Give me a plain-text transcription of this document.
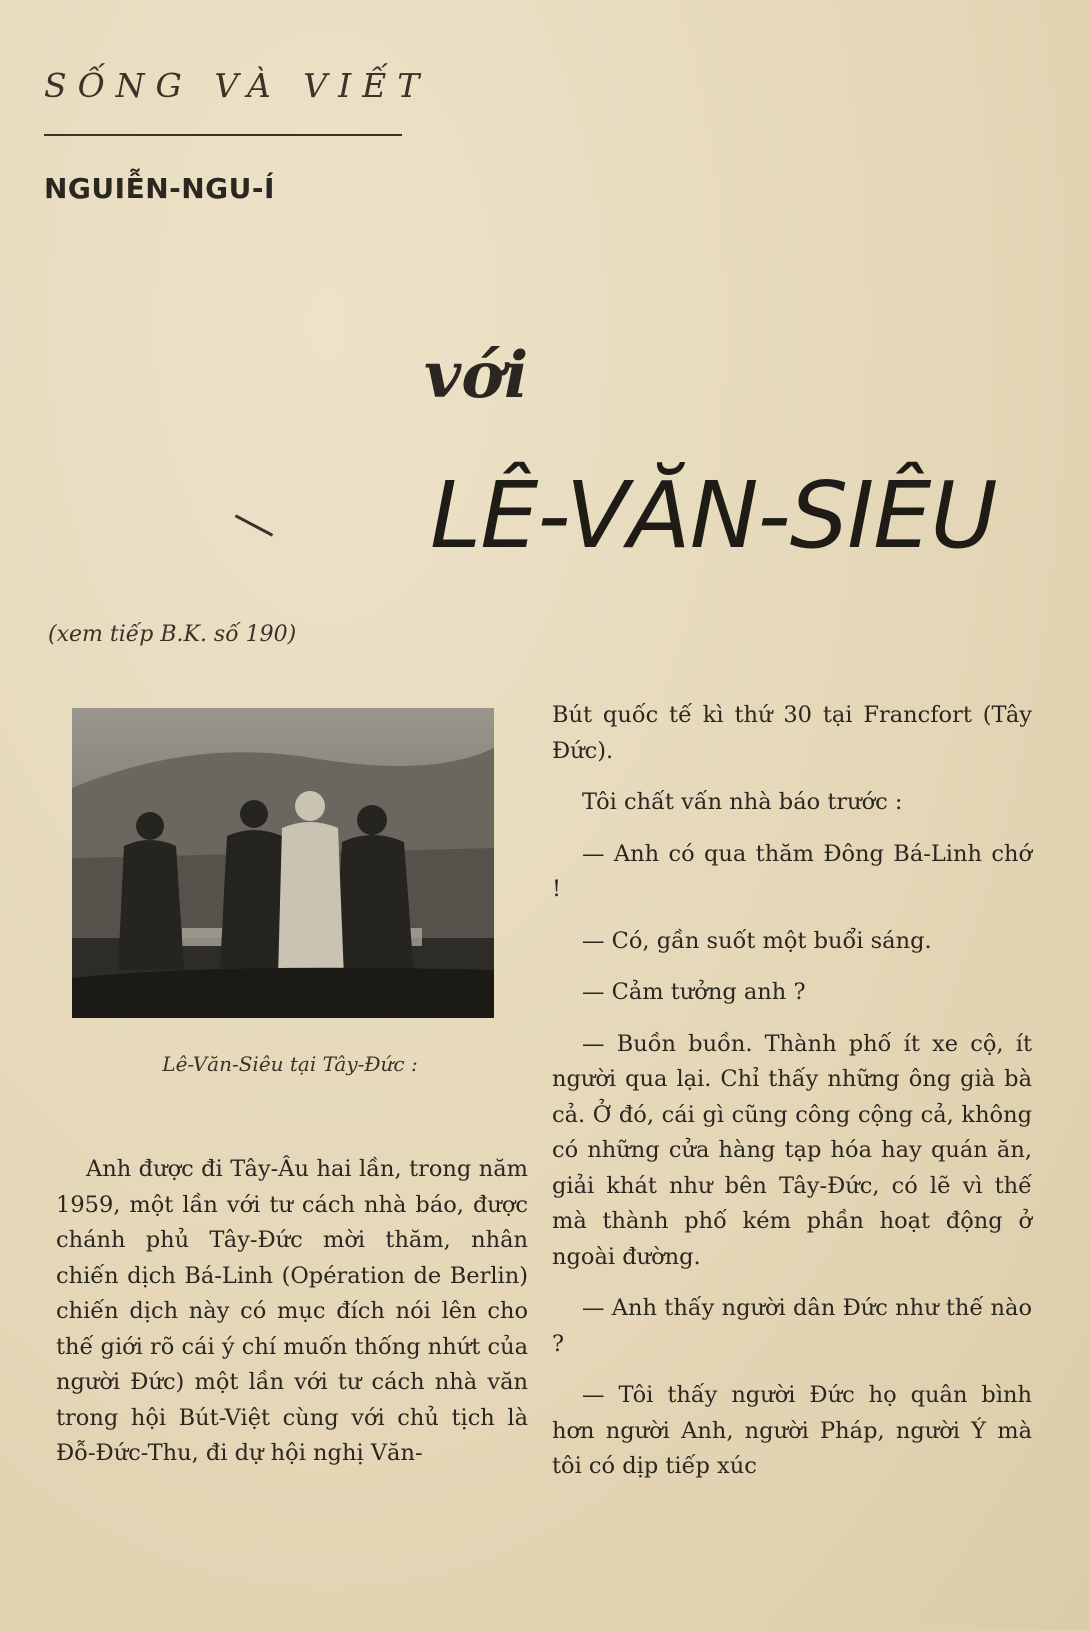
SỐNG VÀ VIẾT
NGUIỄN-NGU-Í
với
LÊ-VĂN-SIÊU
(xem tiếp B.K. số 190)
Lê-Văn-Siêu tại Tây-Đức :

Anh được đi Tây-Âu hai lần, trong năm 1959, một lần với tư cách nhà báo, được chánh phủ Tây-Đức mời thăm, nhân chiến dịch Bá-Linh (Opération de Berlin) chiến dịch này có mục đích nói lên cho thế giới rõ cái ý chí muốn thống nhứt của người Đức) một lần với tư cách nhà văn trong hội Bút-Việt cùng với chủ tịch là Đỗ-Đức-Thu, đi dự hội nghị Văn-

Bút quốc tế kì thứ 30 tại Francfort (Tây Đức).

Tôi chất vấn nhà báo trước :

— Anh có qua thăm Đông Bá-Linh chớ !

— Có, gần suốt một buổi sáng.

— Cảm tưởng anh ?

— Buồn buồn. Thành phố ít xe cộ, ít người qua lại. Chỉ thấy những ông già bà cả. Ở đó, cái gì cũng công cộng cả, không có những cửa hàng tạp hóa hay quán ăn, giải khát như bên Tây-Đức, có lẽ vì thế mà thành phố kém phần hoạt động ở ngoài đường.

— Anh thấy người dân Đức như thế nào ?

— Tôi thấy người Đức họ quân bình hơn người Anh, người Pháp, người Ý mà tôi có dịp tiếp xúc
